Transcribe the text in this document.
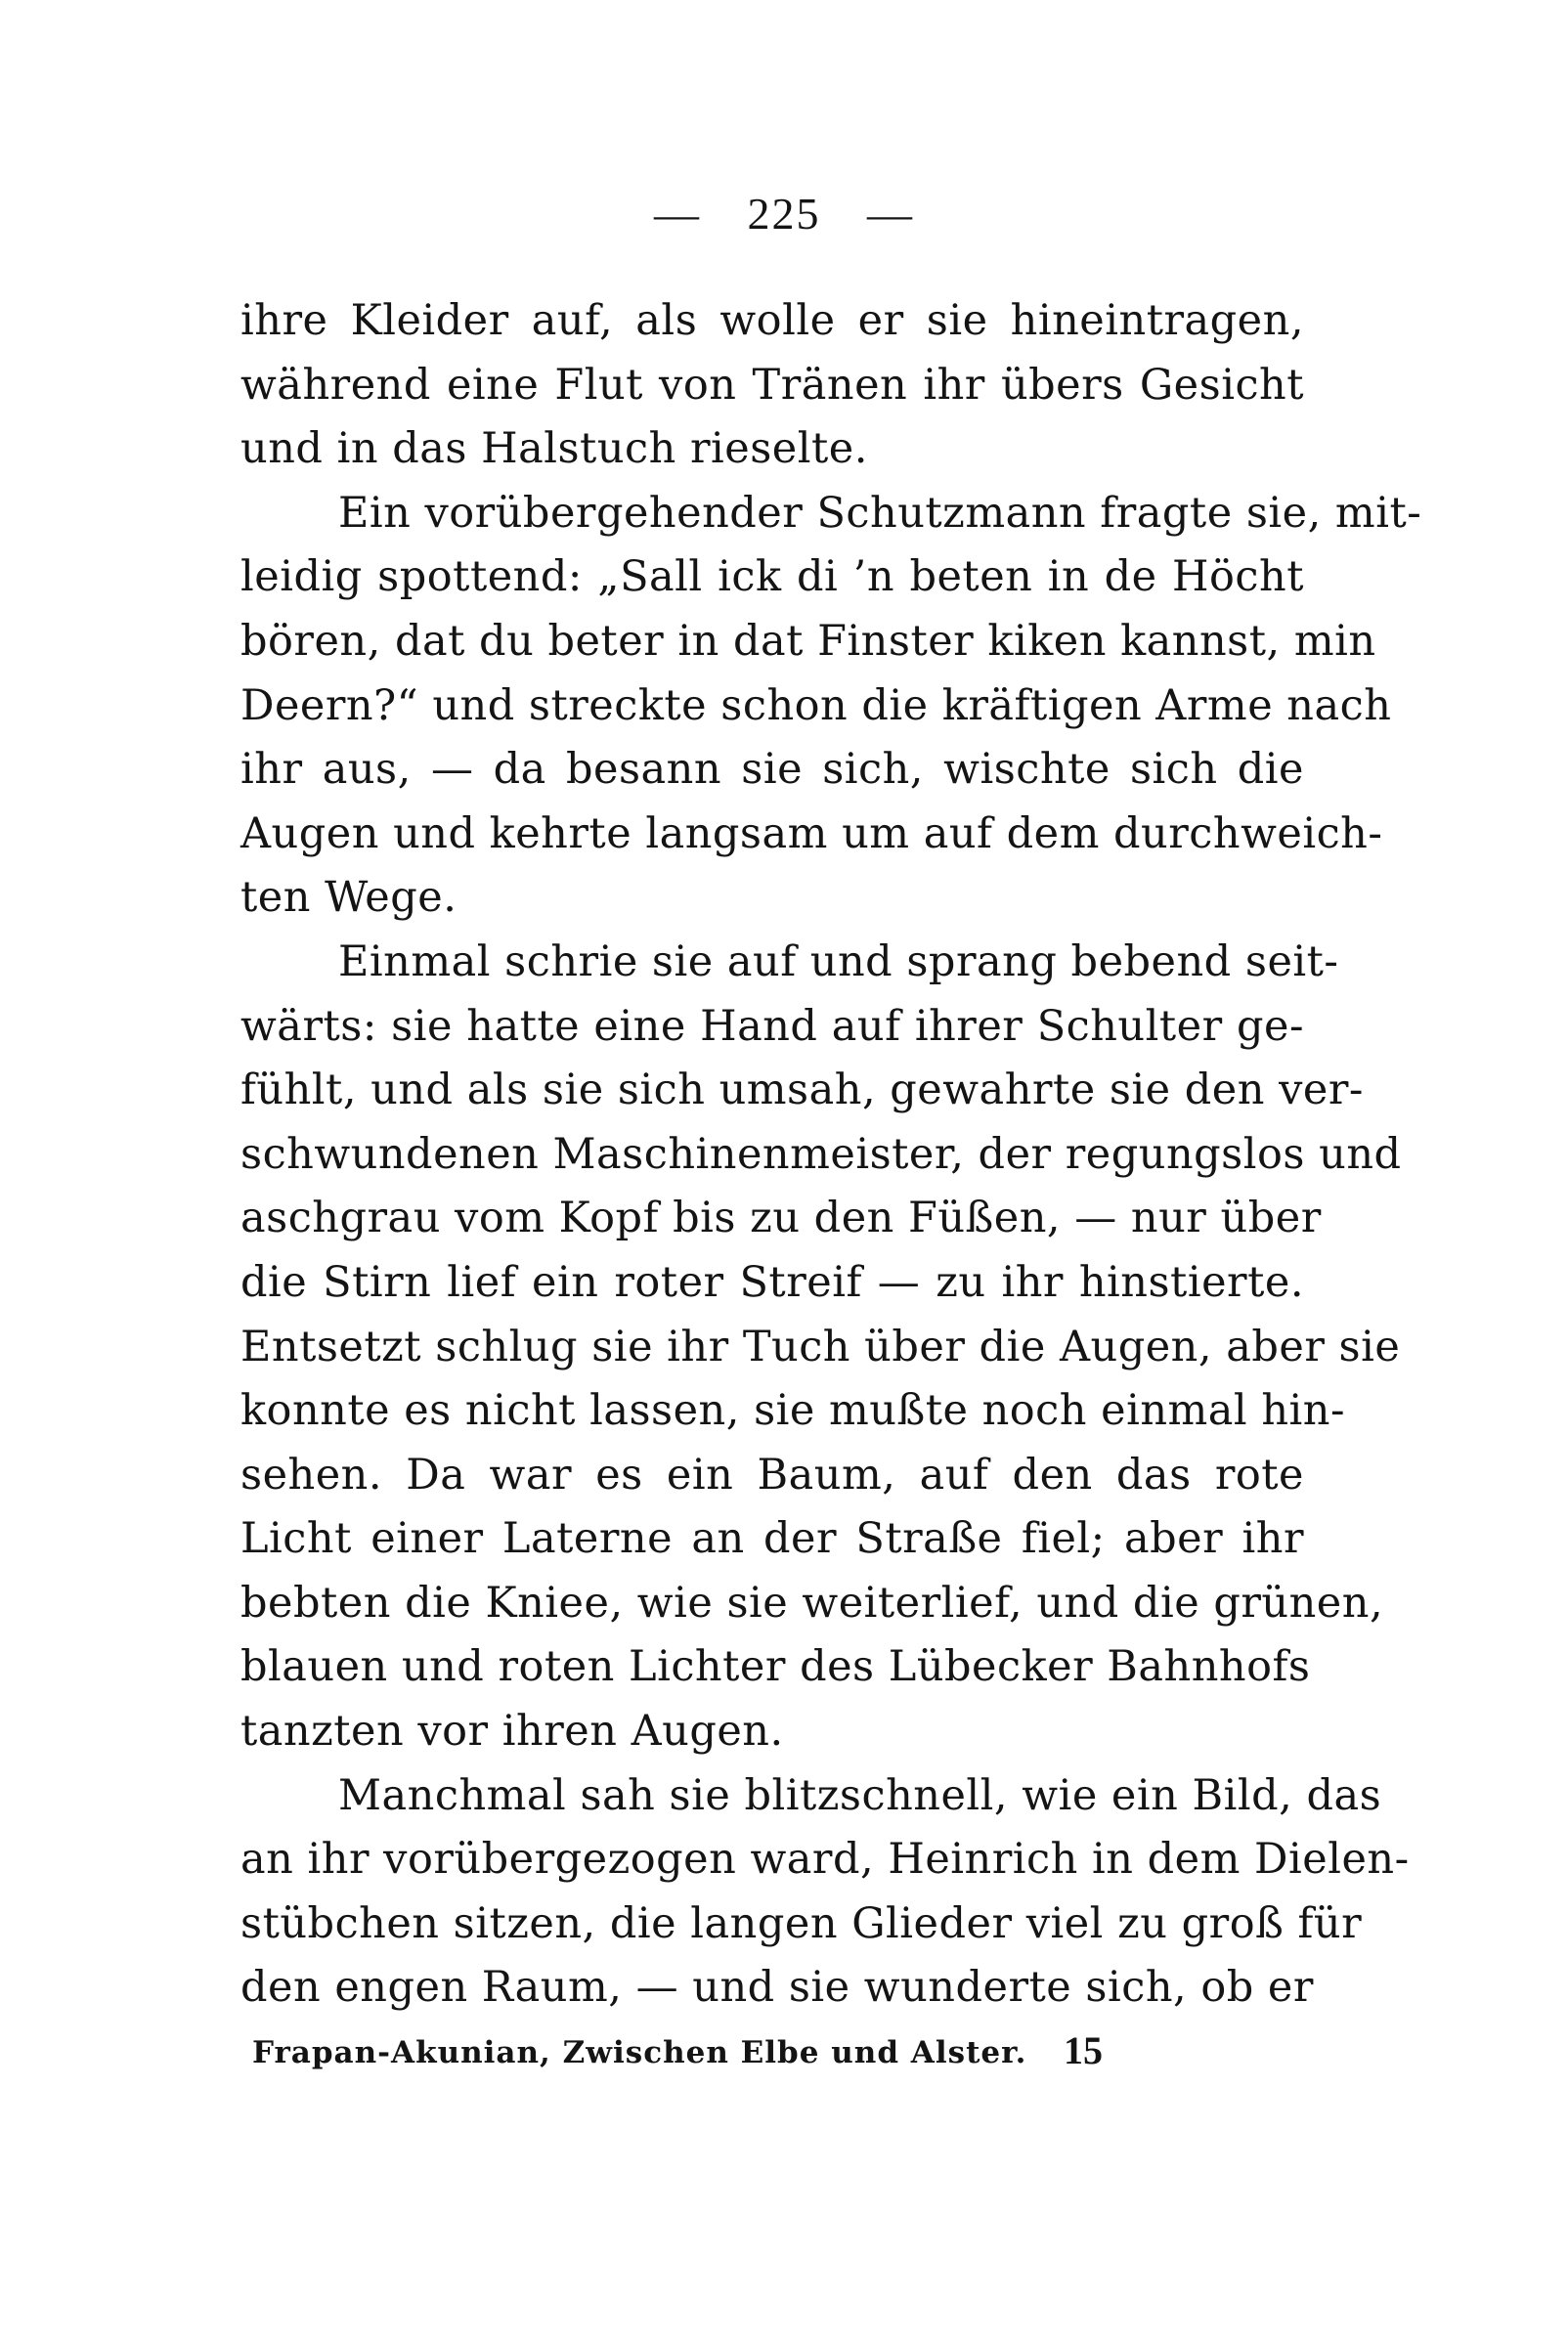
— 225 —
ihre Kleider auf, als wolle er sie hineintragen,
während eine Flut von Tränen ihr übers Gesicht
und in das Halstuch rieselte.
Ein vorübergehender Schutzmann fragte sie, mit-
leidig spottend: „Sall ick di ’n beten in de Höcht
bören, dat du beter in dat Finster kiken kannst, min
Deern?“ und streckte schon die kräftigen Arme nach
ihr aus, — da besann sie sich, wischte sich die
Augen und kehrte langsam um auf dem durchweich-
ten Wege.
Einmal schrie sie auf und sprang bebend seit-
wärts: sie hatte eine Hand auf ihrer Schulter ge-
fühlt, und als sie sich umsah, gewahrte sie den ver-
schwundenen Maschinenmeister, der regungslos und
aschgrau vom Kopf bis zu den Füßen, — nur über
die Stirn lief ein roter Streif — zu ihr hinstierte.
Entsetzt schlug sie ihr Tuch über die Augen, aber sie
konnte es nicht lassen, sie mußte noch einmal hin-
sehen. Da war es ein Baum, auf den das rote
Licht einer Laterne an der Straße fiel; aber ihr
bebten die Kniee, wie sie weiterlief, und die grünen,
blauen und roten Lichter des Lübecker Bahnhofs
tanzten vor ihren Augen.
Manchmal sah sie blitzschnell, wie ein Bild, das
an ihr vorübergezogen ward, Heinrich in dem Dielen-
stübchen sitzen, die langen Glieder viel zu groß für
den engen Raum, — und sie wunderte sich, ob er
Frapan-Akunian, Zwischen Elbe und Alster. 15
